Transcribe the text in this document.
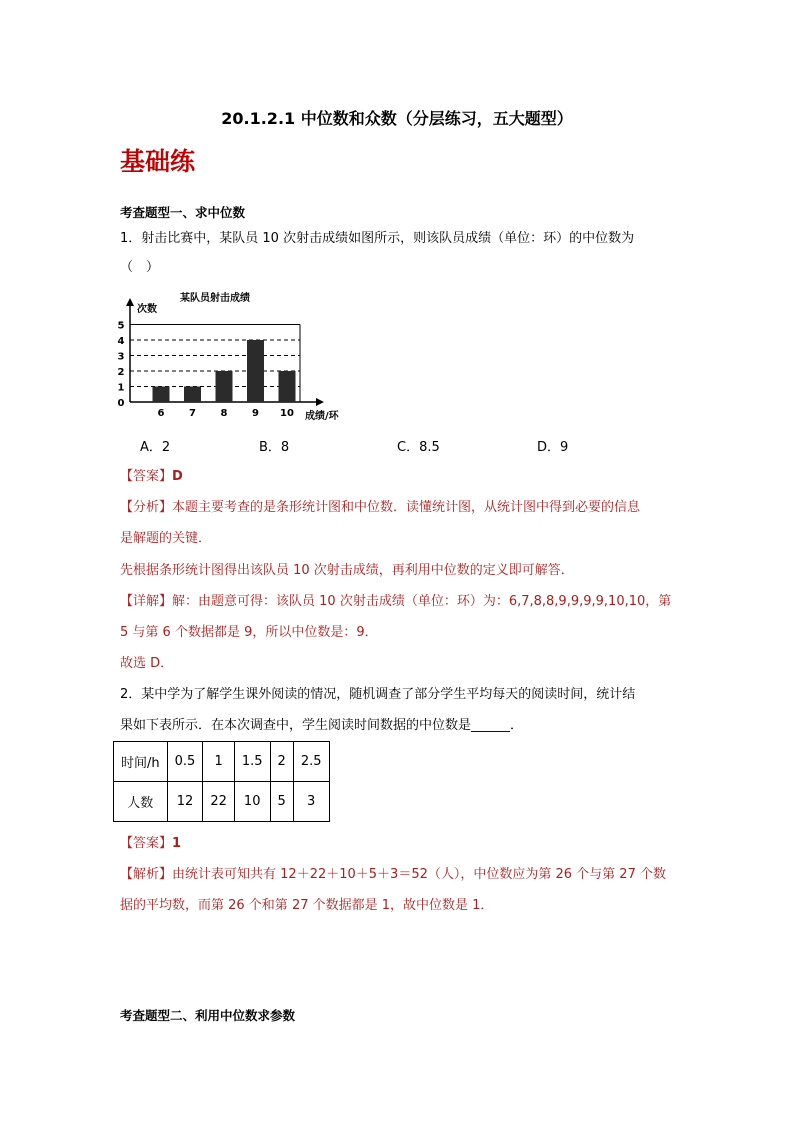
20.1.2.1 中位数和众数（分层练习，五大题型）
基础练
考查题型一、求中位数
1．射击比赛中，某队员 10 次射击成绩如图所示，则该队员成绩（单位：环）的中位数为
（　）
某队员射击成绩
次数
0
1
2
3
4
5
6 7 8 9 10 成绩/环
A．2	B．8	C．8.5	D．9
【答案】D
【分析】本题主要考查的是条形统计图和中位数．读懂统计图，从统计图中得到必要的信息
是解题的关键．
先根据条形统计图得出该队员 10 次射击成绩，再利用中位数的定义即可解答．
【详解】解：由题意可得：该队员 10 次射击成绩（单位：环）为：6,7,8,8,9,9,9,9,10,10，第
5 与第 6 个数据都是 9，所以中位数是：9．
故选 D．
2．某中学为了解学生课外阅读的情况，随机调查了部分学生平均每天的阅读时间，统计结
果如下表所示．在本次调查中，学生阅读时间数据的中位数是______．
时间/h	0.5	1	1.5	2	2.5
人数	12	22	10	5	3
【答案】1
【解析】由统计表可知共有 12＋22＋10＋5＋3＝52（人），中位数应为第 26 个与第 27 个数
据的平均数，而第 26 个和第 27 个数据都是 1，故中位数是 1．
考查题型二、利用中位数求参数
